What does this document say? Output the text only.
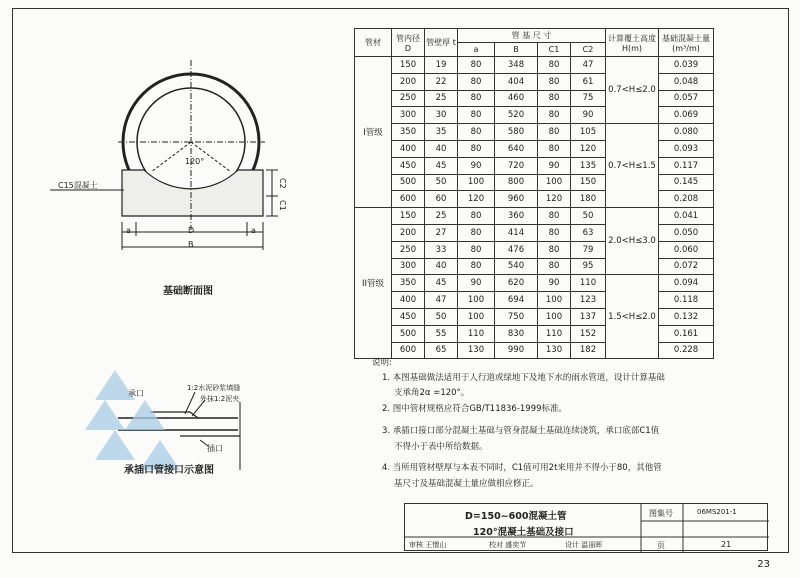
120°
C15混凝土
a	a
D
B
C2
C1
基础断面图
1:2水泥砂浆填缝
外抹1:2泥夹
承口
插口
承插口管接口示意图
管材	管内径 D	管壁厚 t	管 基 尺 寸				计算覆土高度 H(m)	基础混凝土量 (m³/m)
			a	B	C1	C2		
I管级	150	19	80	348	80	47	0.7<H≤2.0	0.039
	200	22	80	404	80	61		0.048
	250	25	80	460	80	75		0.057
	300	30	80	520	80	90		0.069
	350	35	80	580	80	105	0.7<H≤1.5	0.080
	400	40	80	640	80	120		0.093
	450	45	90	720	90	135		0.117
	500	50	100	800	100	150		0.145
	600	60	120	960	120	180		0.208
II管级	150	25	80	360	80	50	2.0<H≤3.0	0.041
	200	27	80	414	80	63		0.050
	250	33	80	476	80	79		0.060
	300	40	80	540	80	95		0.072
	350	45	90	620	90	110	1.5<H≤2.0	0.094
	400	47	100	694	100	123		0.118
	450	50	100	750	100	137		0.132
	500	55	110	830	110	152		0.161
	600	65	130	990	130	182		0.228
说明:
1. 本图基础做法适用于人行道或绿地下及地下水的雨水管道，设计计算基础
支承角2α =120°。
2. 图中管材规格应符合GB/T11836-1999标准。
3. 承插口接口部分混凝土基础与管身混凝土基础连续浇筑，承口底部C1值
不得小于表中所给数据。
4. 当所用管材壁厚与本表不同时，C1值可用2t来用并不得小于80，其他管
基尺寸及基础混凝土量应做相应修正。
D=150~600混凝土管
120°混凝土基础及接口
图集号	06MS201-1
页	21
审核 王憎山	校对 盛奕节	设计 温丽晖
23
